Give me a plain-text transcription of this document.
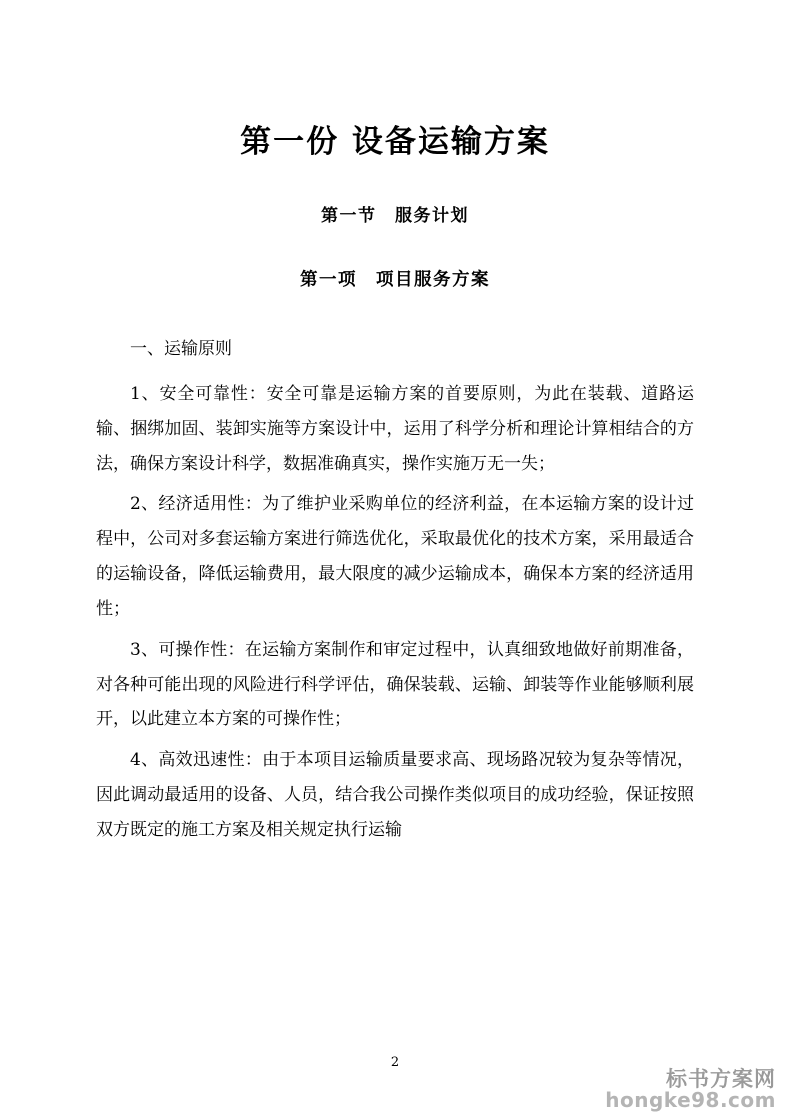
第一份 设备运输方案
第一节　服务计划
第一项　项目服务方案

一、运输原则

1、安全可靠性：安全可靠是运输方案的首要原则，为此在装载、道路运输、捆绑加固、装卸实施等方案设计中，运用了科学分析和理论计算相结合的方法，确保方案设计科学，数据准确真实，操作实施万无一失；

2、经济适用性：为了维护业采购单位的经济利益，在本运输方案的设计过程中，公司对多套运输方案进行筛选优化，采取最优化的技术方案，采用最适合的运输设备，降低运输费用，最大限度的减少运输成本，确保本方案的经济适用性；

3、可操作性：在运输方案制作和审定过程中，认真细致地做好前期准备，对各种可能出现的风险进行科学评估，确保装载、运输、卸装等作业能够顺利展开，以此建立本方案的可操作性；

4、高效迅速性：由于本项目运输质量要求高、现场路况较为复杂等情况，因此调动最适用的设备、人员，结合我公司操作类似项目的成功经验，保证按照双方既定的施工方案及相关规定执行运输

2
标书方案网
hongke98.com
